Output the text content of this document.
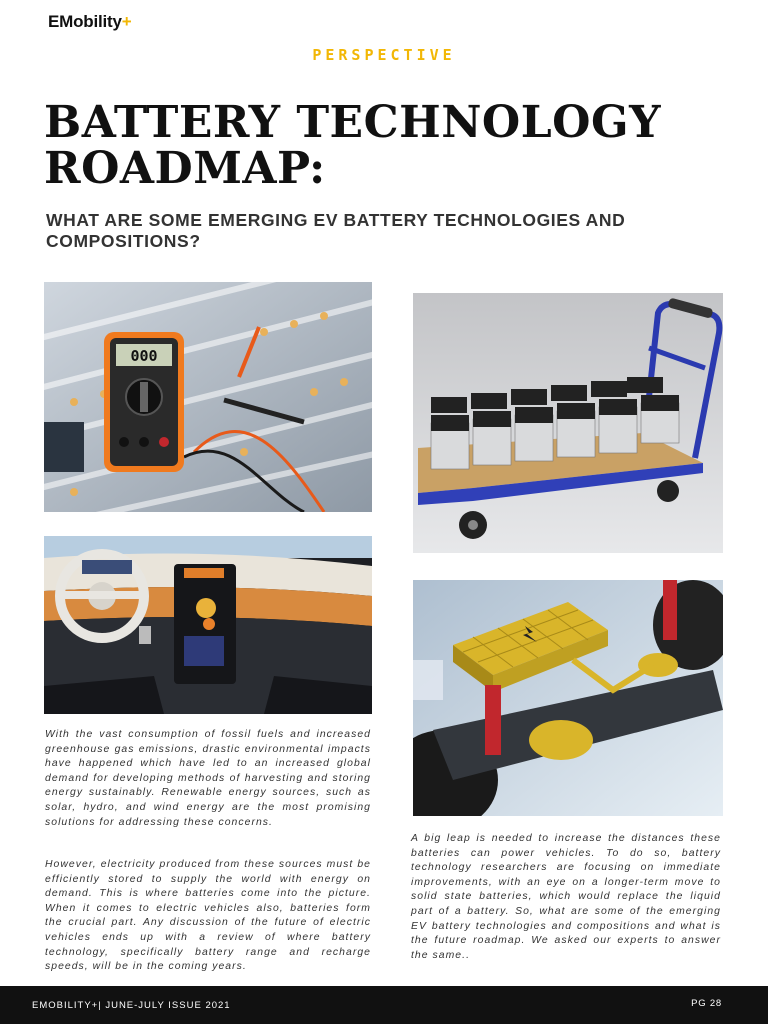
EMobility+
PERSPECTIVE
BATTERY TECHNOLOGY ROADMAP:
WHAT ARE SOME EMERGING EV BATTERY TECHNOLOGIES AND COMPOSITIONS?
000

With the vast consumption of fossil fuels and increased greenhouse gas emissions, drastic environmental impacts have happened which have led to an increased global demand for developing methods of harvesting and storing energy sustainably. Renewable energy sources, such as solar, hydro, and wind energy are the most promising solutions for addressing these concerns.

However, electricity produced from these sources must be efficiently stored to supply the world with energy on demand. This is where batteries come into the picture. When it comes to electric vehicles also, batteries form the crucial part. Any discussion of the future of electric vehicles ends up with a review of where battery technology, specifically battery range and recharge speeds, will be in the coming years.

A big leap is needed to increase the distances these batteries can power vehicles. To do so, battery technology researchers are focusing on immediate improvements, with an eye on a longer-term move to solid state batteries, which would replace the liquid part of a battery. So, what are some of the emerging EV battery technologies and compositions and what is the future roadmap. We asked our experts to answer the same..

EMOBILITY+| JUNE-JULY ISSUE 2021	PG 28
